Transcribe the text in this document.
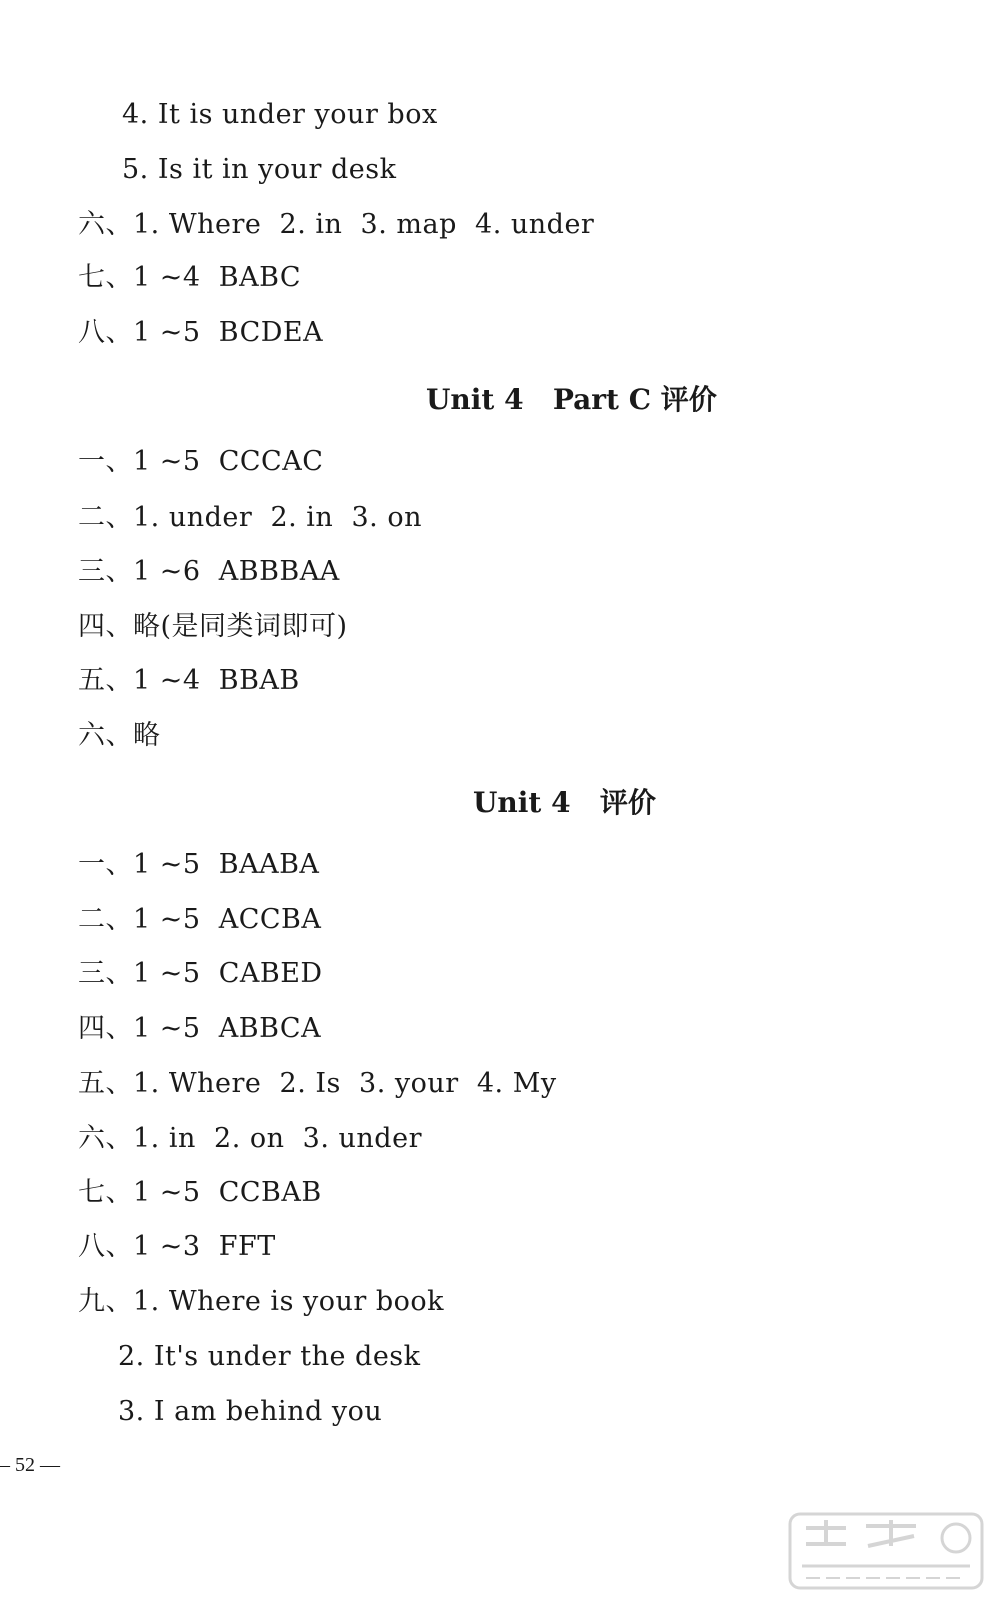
4. It is under your box
5. Is it in your desk
六、1. Where  2. in  3. map  4. under
七、1 ~4  BABC
八、1 ~5  BCDEA
Unit 4   Part C 评价
一、1 ~5  CCCAC
二、1. under  2. in  3. on
三、1 ~6  ABBBAA
四、略(是同类词即可)
五、1 ~4  BBAB
六、略
Unit 4   评价
一、1 ~5  BAABA
二、1 ~5  ACCBA
三、1 ~5  CABED
四、1 ~5  ABBCA
五、1. Where  2. Is  3. your  4. My
六、1. in  2. on  3. under
七、1 ~5  CCBAB
八、1 ~3  FFT
九、1. Where is your book
2. It's under the desk
3. I am behind you
– 52 —
